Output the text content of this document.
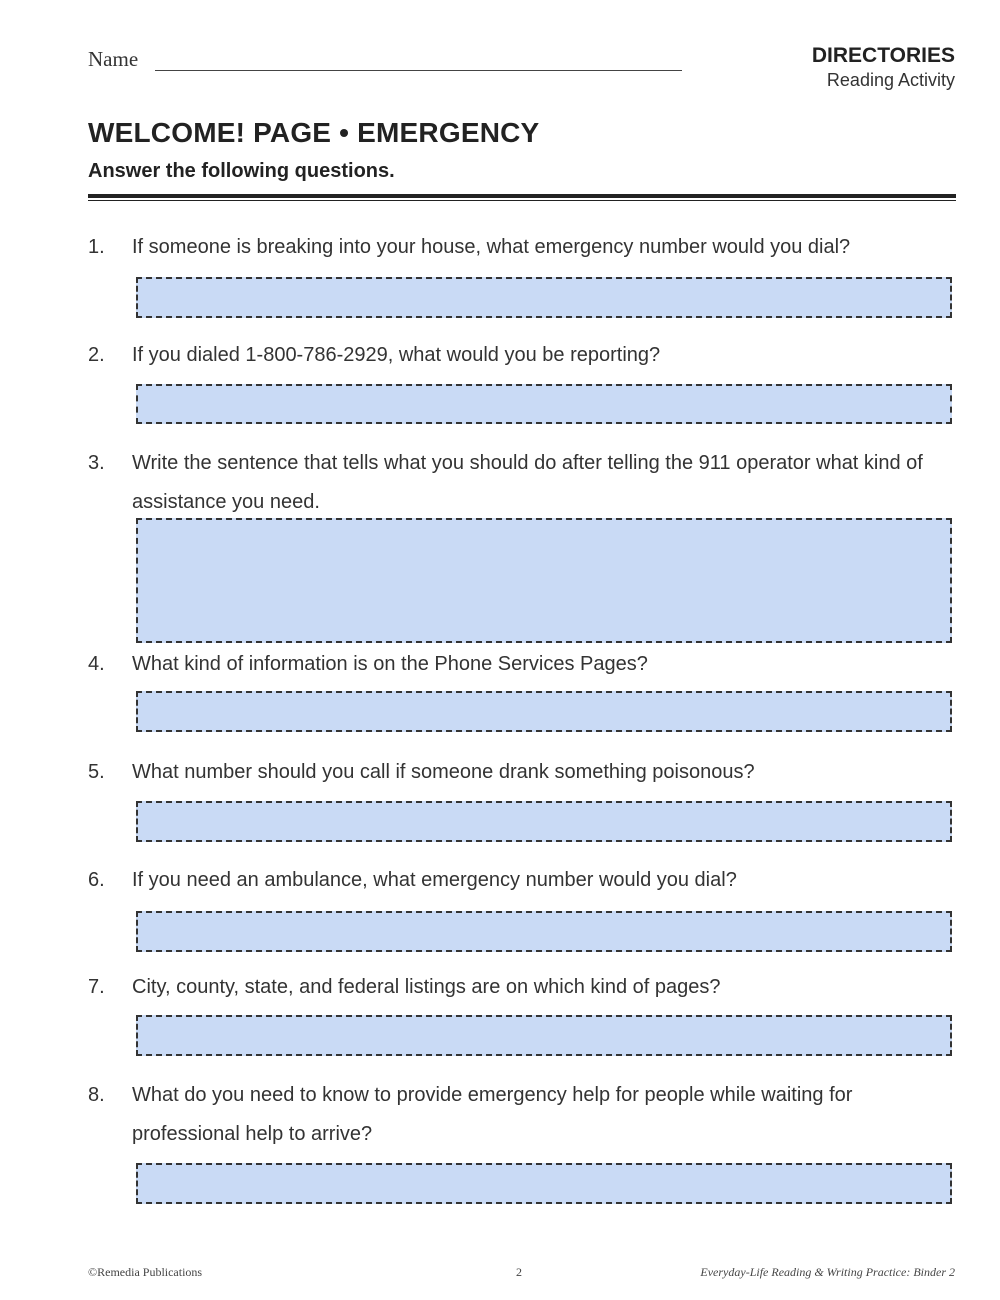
Name	DIRECTORIES
Reading Activity
WELCOME! PAGE • EMERGENCY
Answer the following questions.
1. If someone is breaking into your house, what emergency number would you dial?
2. If you dialed 1-800-786-2929, what would you be reporting?
3. Write the sentence that tells what you should do after telling the 911 operator what kind of assistance you need.
4. What kind of information is on the Phone Services Pages?
5. What number should you call if someone drank something poisonous?
6. If you need an ambulance, what emergency number would you dial?
7. City, county, state, and federal listings are on which kind of pages?
8. What do you need to know to provide emergency help for people while waiting for professional help to arrive?
©Remedia Publications	2	Everyday-Life Reading & Writing Practice: Binder 2
